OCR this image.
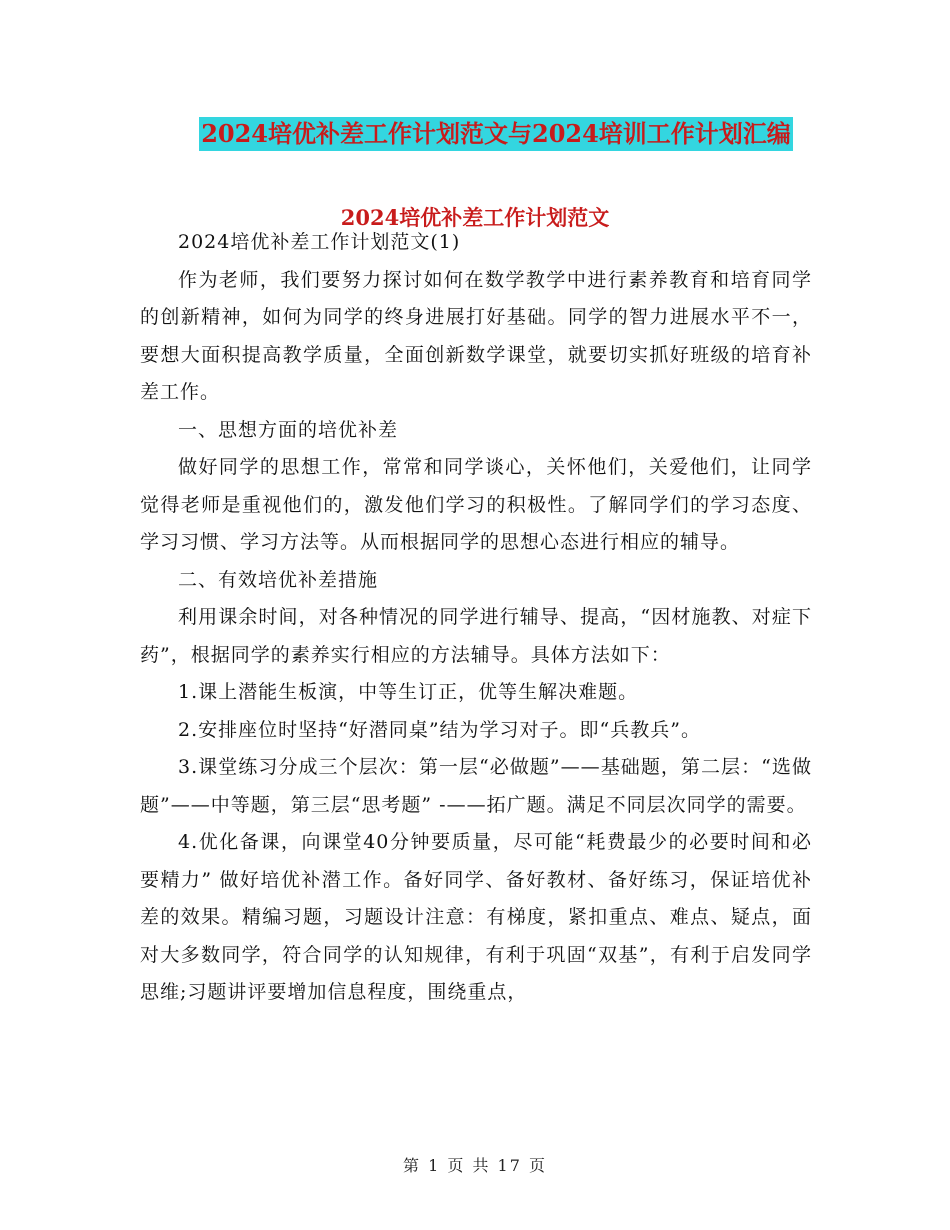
2024培优补差工作计划范文与2024培训工作计划汇编
2024培优补差工作计划范文

2024培优补差工作计划范文(1)

作为老师，我们要努力探讨如何在数学教学中进行素养教育和培育同学的创新精神，如何为同学的终身进展打好基础。同学的智力进展水平不一，要想大面积提高教学质量，全面创新数学课堂，就要切实抓好班级的培育补差工作。

一、思想方面的培优补差

做好同学的思想工作，常常和同学谈心，关怀他们，关爱他们，让同学觉得老师是重视他们的，激发他们学习的积极性。了解同学们的学习态度、学习习惯、学习方法等。从而根据同学的思想心态进行相应的辅导。

二、有效培优补差措施

利用课余时间，对各种情况的同学进行辅导、提高，“因材施教、对症下药”，根据同学的素养实行相应的方法辅导。具体方法如下：

1.课上潜能生板演，中等生订正，优等生解决难题。

2.安排座位时坚持“好潜同桌”结为学习对子。即“兵教兵”。

3.课堂练习分成三个层次：第一层“必做题”——基础题，第二层：“选做题”——中等题，第三层“思考题” -——拓广题。满足不同层次同学的需要。

4.优化备课，向课堂40分钟要质量，尽可能“耗费最少的必要时间和必要精力” 做好培优补潜工作。备好同学、备好教材、备好练习，保证培优补差的效果。精编习题，习题设计注意：有梯度，紧扣重点、难点、疑点，面对大多数同学，符合同学的认知规律，有利于巩固“双基”，有利于启发同学思维;习题讲评要增加信息程度，围绕重点，

第 1 页 共 17 页
